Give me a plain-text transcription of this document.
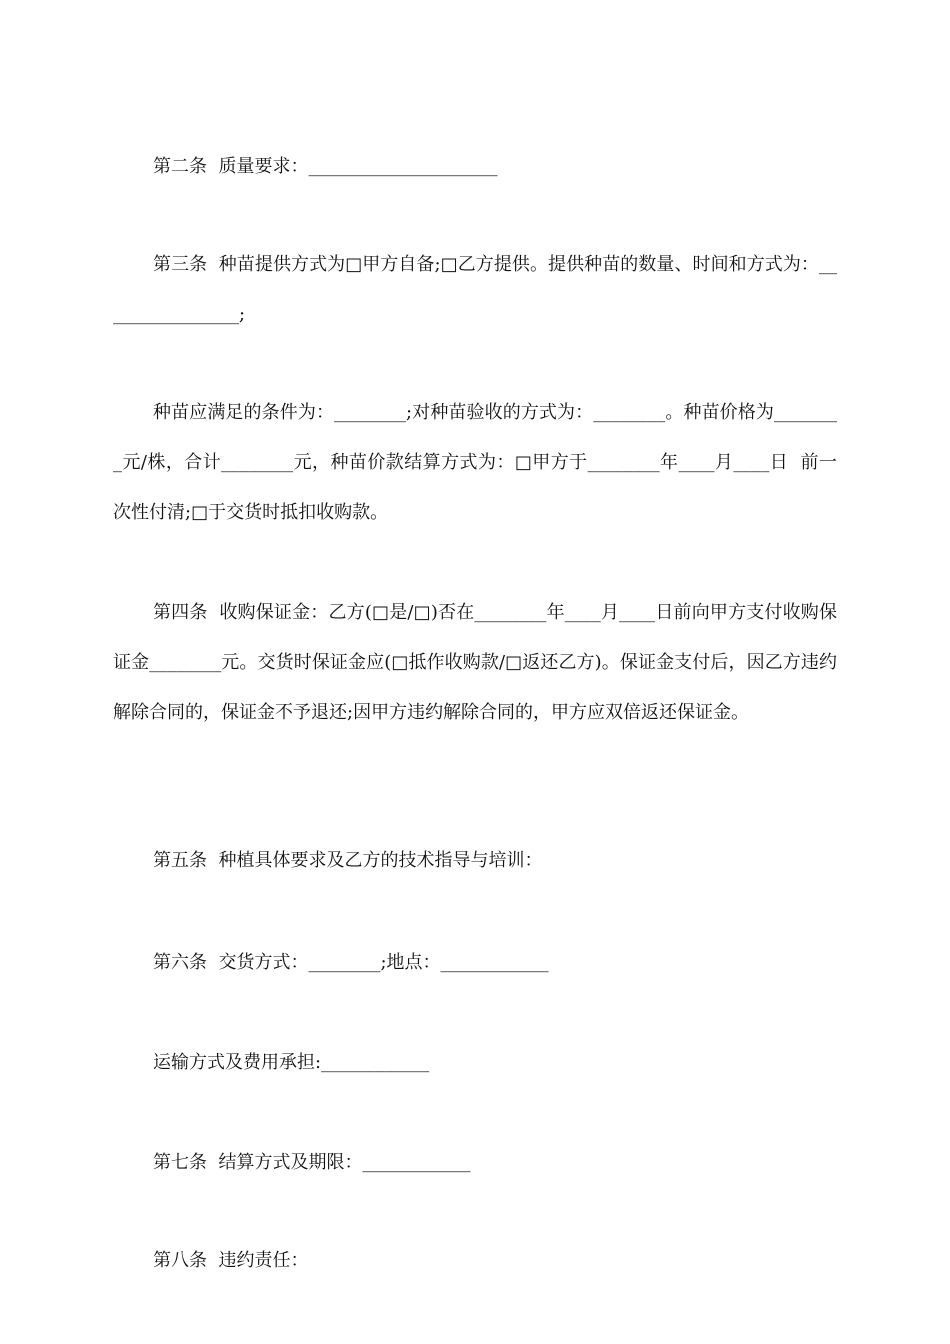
第二条  质量要求：_____________________

第三条  种苗提供方式为□甲方自备;□乙方提供。提供种苗的数量、时间和方式为：________________;

种苗应满足的条件为：________;对种苗验收的方式为：________。种苗价格为________元/株，合计________元，种苗价款结算方式为：□甲方于________年____月____日  前一次性付清;□于交货时抵扣收购款。

第四条  收购保证金：乙方(□是/□)否在________年____月____日前向甲方支付收购保证金________元。交货时保证金应(□抵作收购款/□返还乙方)。保证金支付后，因乙方违约解除合同的，保证金不予退还;因甲方违约解除合同的，甲方应双倍返还保证金。

第五条  种植具体要求及乙方的技术指导与培训：

第六条  交货方式：________;地点：____________

运输方式及费用承担:____________

第七条  结算方式及期限：____________

第八条  违约责任：
